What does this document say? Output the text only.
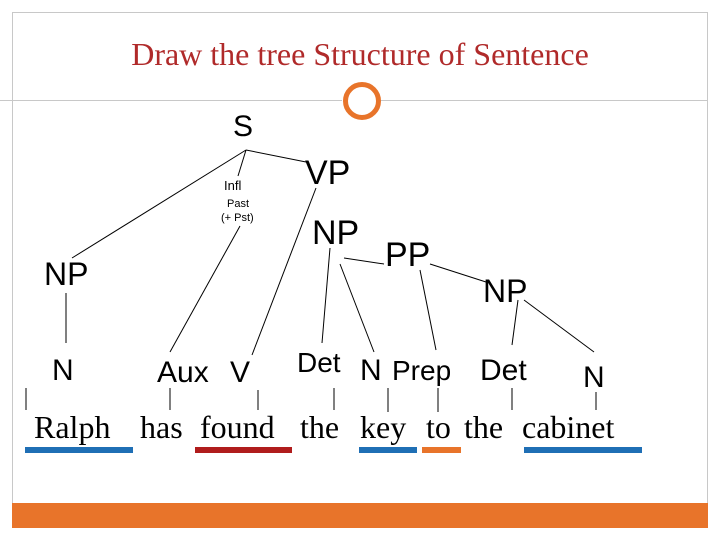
Draw the tree Structure of Sentence
S
VP
Infl
Past
(+ Pst) NP
PP
NP	NP
N	Aux V Det N Prep Det N
Ralph has found the key to the cabinet
